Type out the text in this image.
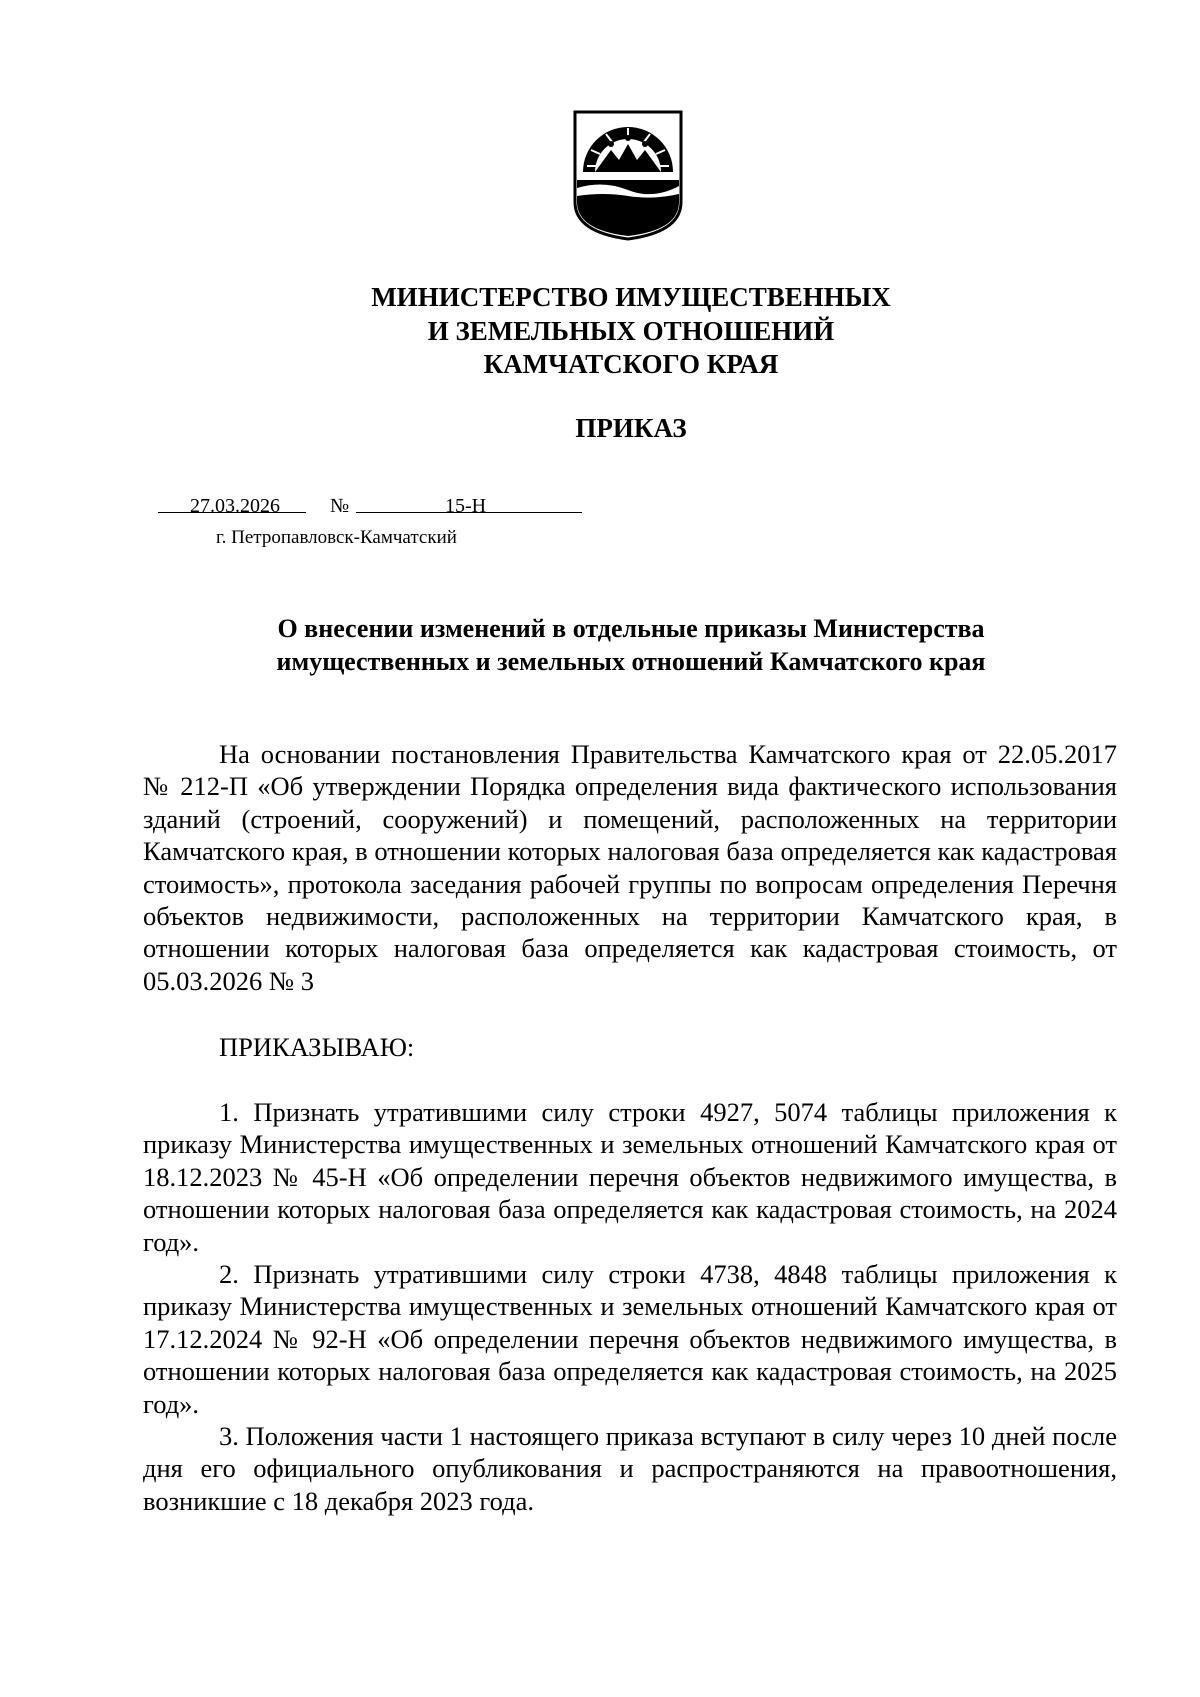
МИНИСТЕРСТВО ИМУЩЕСТВЕННЫХ
И ЗЕМЕЛЬНЫХ ОТНОШЕНИЙ
КАМЧАТСКОГО КРАЯ
ПРИКАЗ
27.03.2026	№	15-Н
г. Петропавловск-Камчатский
О внесении изменений в отдельные приказы Министерства
имущественных и земельных отношений Камчатского края

На основании постановления Правительства Камчатского края от 22.05.2017 № 212-П «Об утверждении Порядка определения вида фактического использования зданий (строений, сооружений) и помещений, расположенных на территории Камчатского края, в отношении которых налоговая база определяется как кадастровая стоимость», протокола заседания рабочей группы по вопросам определения Перечня объектов недвижимости, расположенных на территории Камчатского края, в отношении которых налоговая база определяется как кадастровая стоимость, от 05.03.2026 № 3

ПРИКАЗЫВАЮ:

1. Признать утратившими силу строки 4927, 5074 таблицы приложения к приказу Министерства имущественных и земельных отношений Камчатского края от 18.12.2023 № 45-Н «Об определении перечня объектов недвижимого имущества, в отношении которых налоговая база определяется как кадастровая стоимость, на 2024 год».

2. Признать утратившими силу строки 4738, 4848 таблицы приложения к приказу Министерства имущественных и земельных отношений Камчатского края от 17.12.2024 № 92-Н «Об определении перечня объектов недвижимого имущества, в отношении которых налоговая база определяется как кадастровая стоимость, на 2025 год».

3. Положения части 1 настоящего приказа вступают в силу через 10 дней после дня его официального опубликования и распространяются на правоотношения, возникшие с 18 декабря 2023 года.
